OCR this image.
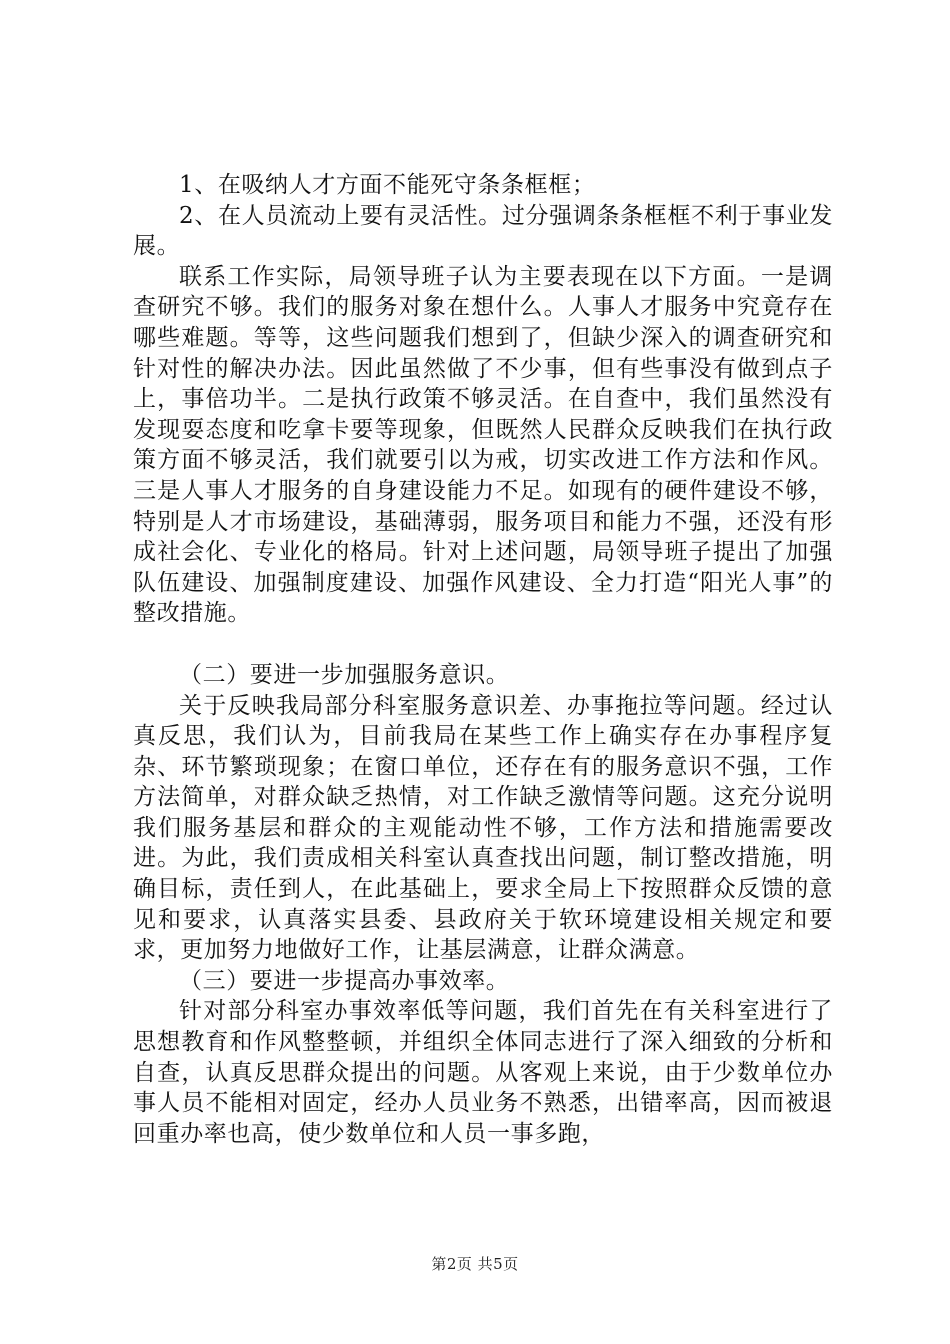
1、在吸纳人才方面不能死守条条框框；

2、在人员流动上要有灵活性。过分强调条条框框不利于事业发展。

联系工作实际，局领导班子认为主要表现在以下方面。一是调查研究不够。我们的服务对象在想什么。人事人才服务中究竟存在哪些难题。等等，这些问题我们想到了，但缺少深入的调查研究和针对性的解决办法。因此虽然做了不少事，但有些事没有做到点子上，事倍功半。二是执行政策不够灵活。在自查中，我们虽然没有发现耍态度和吃拿卡要等现象，但既然人民群众反映我们在执行政策方面不够灵活，我们就要引以为戒，切实改进工作方法和作风。三是人事人才服务的自身建设能力不足。如现有的硬件建设不够，特别是人才市场建设，基础薄弱，服务项目和能力不强，还没有形成社会化、专业化的格局。针对上述问题，局领导班子提出了加强队伍建设、加强制度建设、加强作风建设、全力打造“阳光人事”的整改措施。

（二）要进一步加强服务意识。

关于反映我局部分科室服务意识差、办事拖拉等问题。经过认真反思，我们认为，目前我局在某些工作上确实存在办事程序复杂、环节繁琐现象；在窗口单位，还存在有的服务意识不强，工作方法简单，对群众缺乏热情，对工作缺乏激情等问题。这充分说明我们服务基层和群众的主观能动性不够，工作方法和措施需要改进。为此，我们责成相关科室认真查找出问题，制订整改措施，明确目标，责任到人，在此基础上，要求全局上下按照群众反馈的意见和要求，认真落实县委、县政府关于软环境建设相关规定和要求，更加努力地做好工作，让基层满意，让群众满意。

（三）要进一步提高办事效率。

针对部分科室办事效率低等问题，我们首先在有关科室进行了思想教育和作风整整顿，并组织全体同志进行了深入细致的分析和自查，认真反思群众提出的问题。从客观上来说，由于少数单位办事人员不能相对固定，经办人员业务不熟悉，出错率高，因而被退回重办率也高，使少数单位和人员一事多跑，

第2页 共5页
